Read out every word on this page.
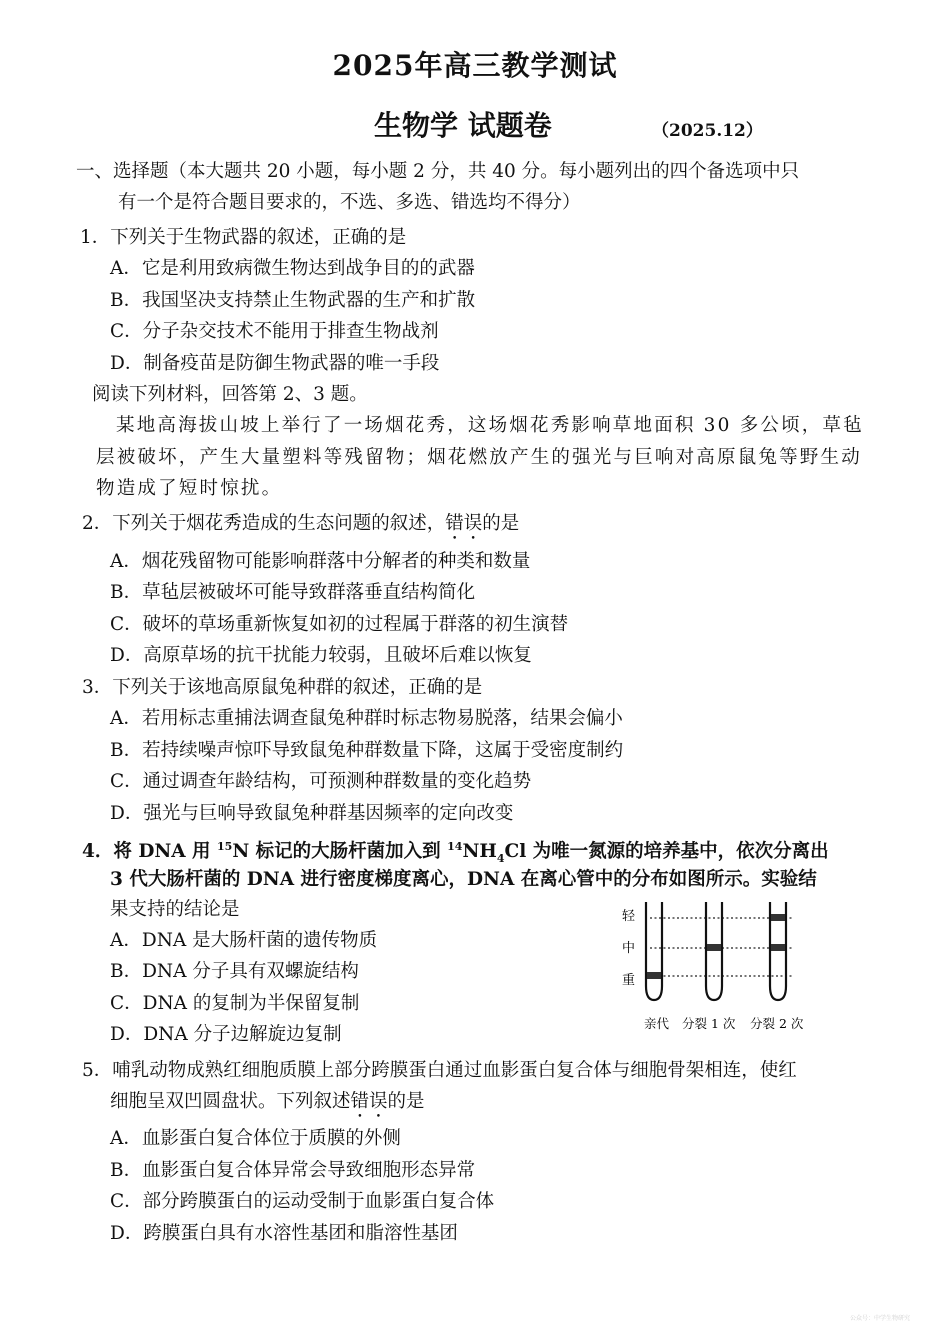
2025年高三教学测试
生物学 试题卷	（2025.12）
一、选择题（本大题共 20 小题，每小题 2 分，共 40 分。每小题列出的四个备选项中只
有一个是符合题目要求的，不选、多选、错选均不得分）
1．下列关于生物武器的叙述，正确的是
A．它是利用致病微生物达到战争目的的武器
B．我国坚决支持禁止生物武器的生产和扩散
C．分子杂交技术不能用于排查生物战剂
D．制备疫苗是防御生物武器的唯一手段
阅读下列材料，回答第 2、3 题。
某地高海拔山坡上举行了一场烟花秀，这场烟花秀影响草地面积 30 多公顷，草毡
层被破坏，产生大量塑料等残留物；烟花燃放产生的强光与巨响对高原鼠兔等野生动
物造成了短时惊扰。
2．下列关于烟花秀造成的生态问题的叙述，错误的是
A．烟花残留物可能影响群落中分解者的种类和数量
B．草毡层被破坏可能导致群落垂直结构简化
C．破坏的草场重新恢复如初的过程属于群落的初生演替
D．高原草场的抗干扰能力较弱，且破坏后难以恢复
3．下列关于该地高原鼠兔种群的叙述，正确的是
A．若用标志重捕法调查鼠兔种群时标志物易脱落，结果会偏小
B．若持续噪声惊吓导致鼠兔种群数量下降，这属于受密度制约
C．通过调查年龄结构，可预测种群数量的变化趋势
D．强光与巨响导致鼠兔种群基因频率的定向改变
4．将 DNA 用 $^{15}$N 标记的大肠杆菌加入到 $^{14}NH_4Cl$ 为唯一氮源的培养基中，依次分离出
3 代大肠杆菌的 DNA 进行密度梯度离心，DNA 在离心管中的分布如图所示。实验结
果支持的结论是
A．DNA 是大肠杆菌的遗传物质
B．DNA 分子具有双螺旋结构
C．DNA 的复制为半保留复制
D．DNA 分子边解旋边复制
轻
中
重
亲代 分裂 1 次 分裂 2 次
5．哺乳动物成熟红细胞质膜上部分跨膜蛋白通过血影蛋白复合体与细胞骨架相连，使红
细胞呈双凹圆盘状。下列叙述错误的是
A．血影蛋白复合体位于质膜的外侧
B．血影蛋白复合体异常会导致细胞形态异常
C．部分跨膜蛋白的运动受制于血影蛋白复合体
D．跨膜蛋白具有水溶性基团和脂溶性基团
公众号：中学生物研究
